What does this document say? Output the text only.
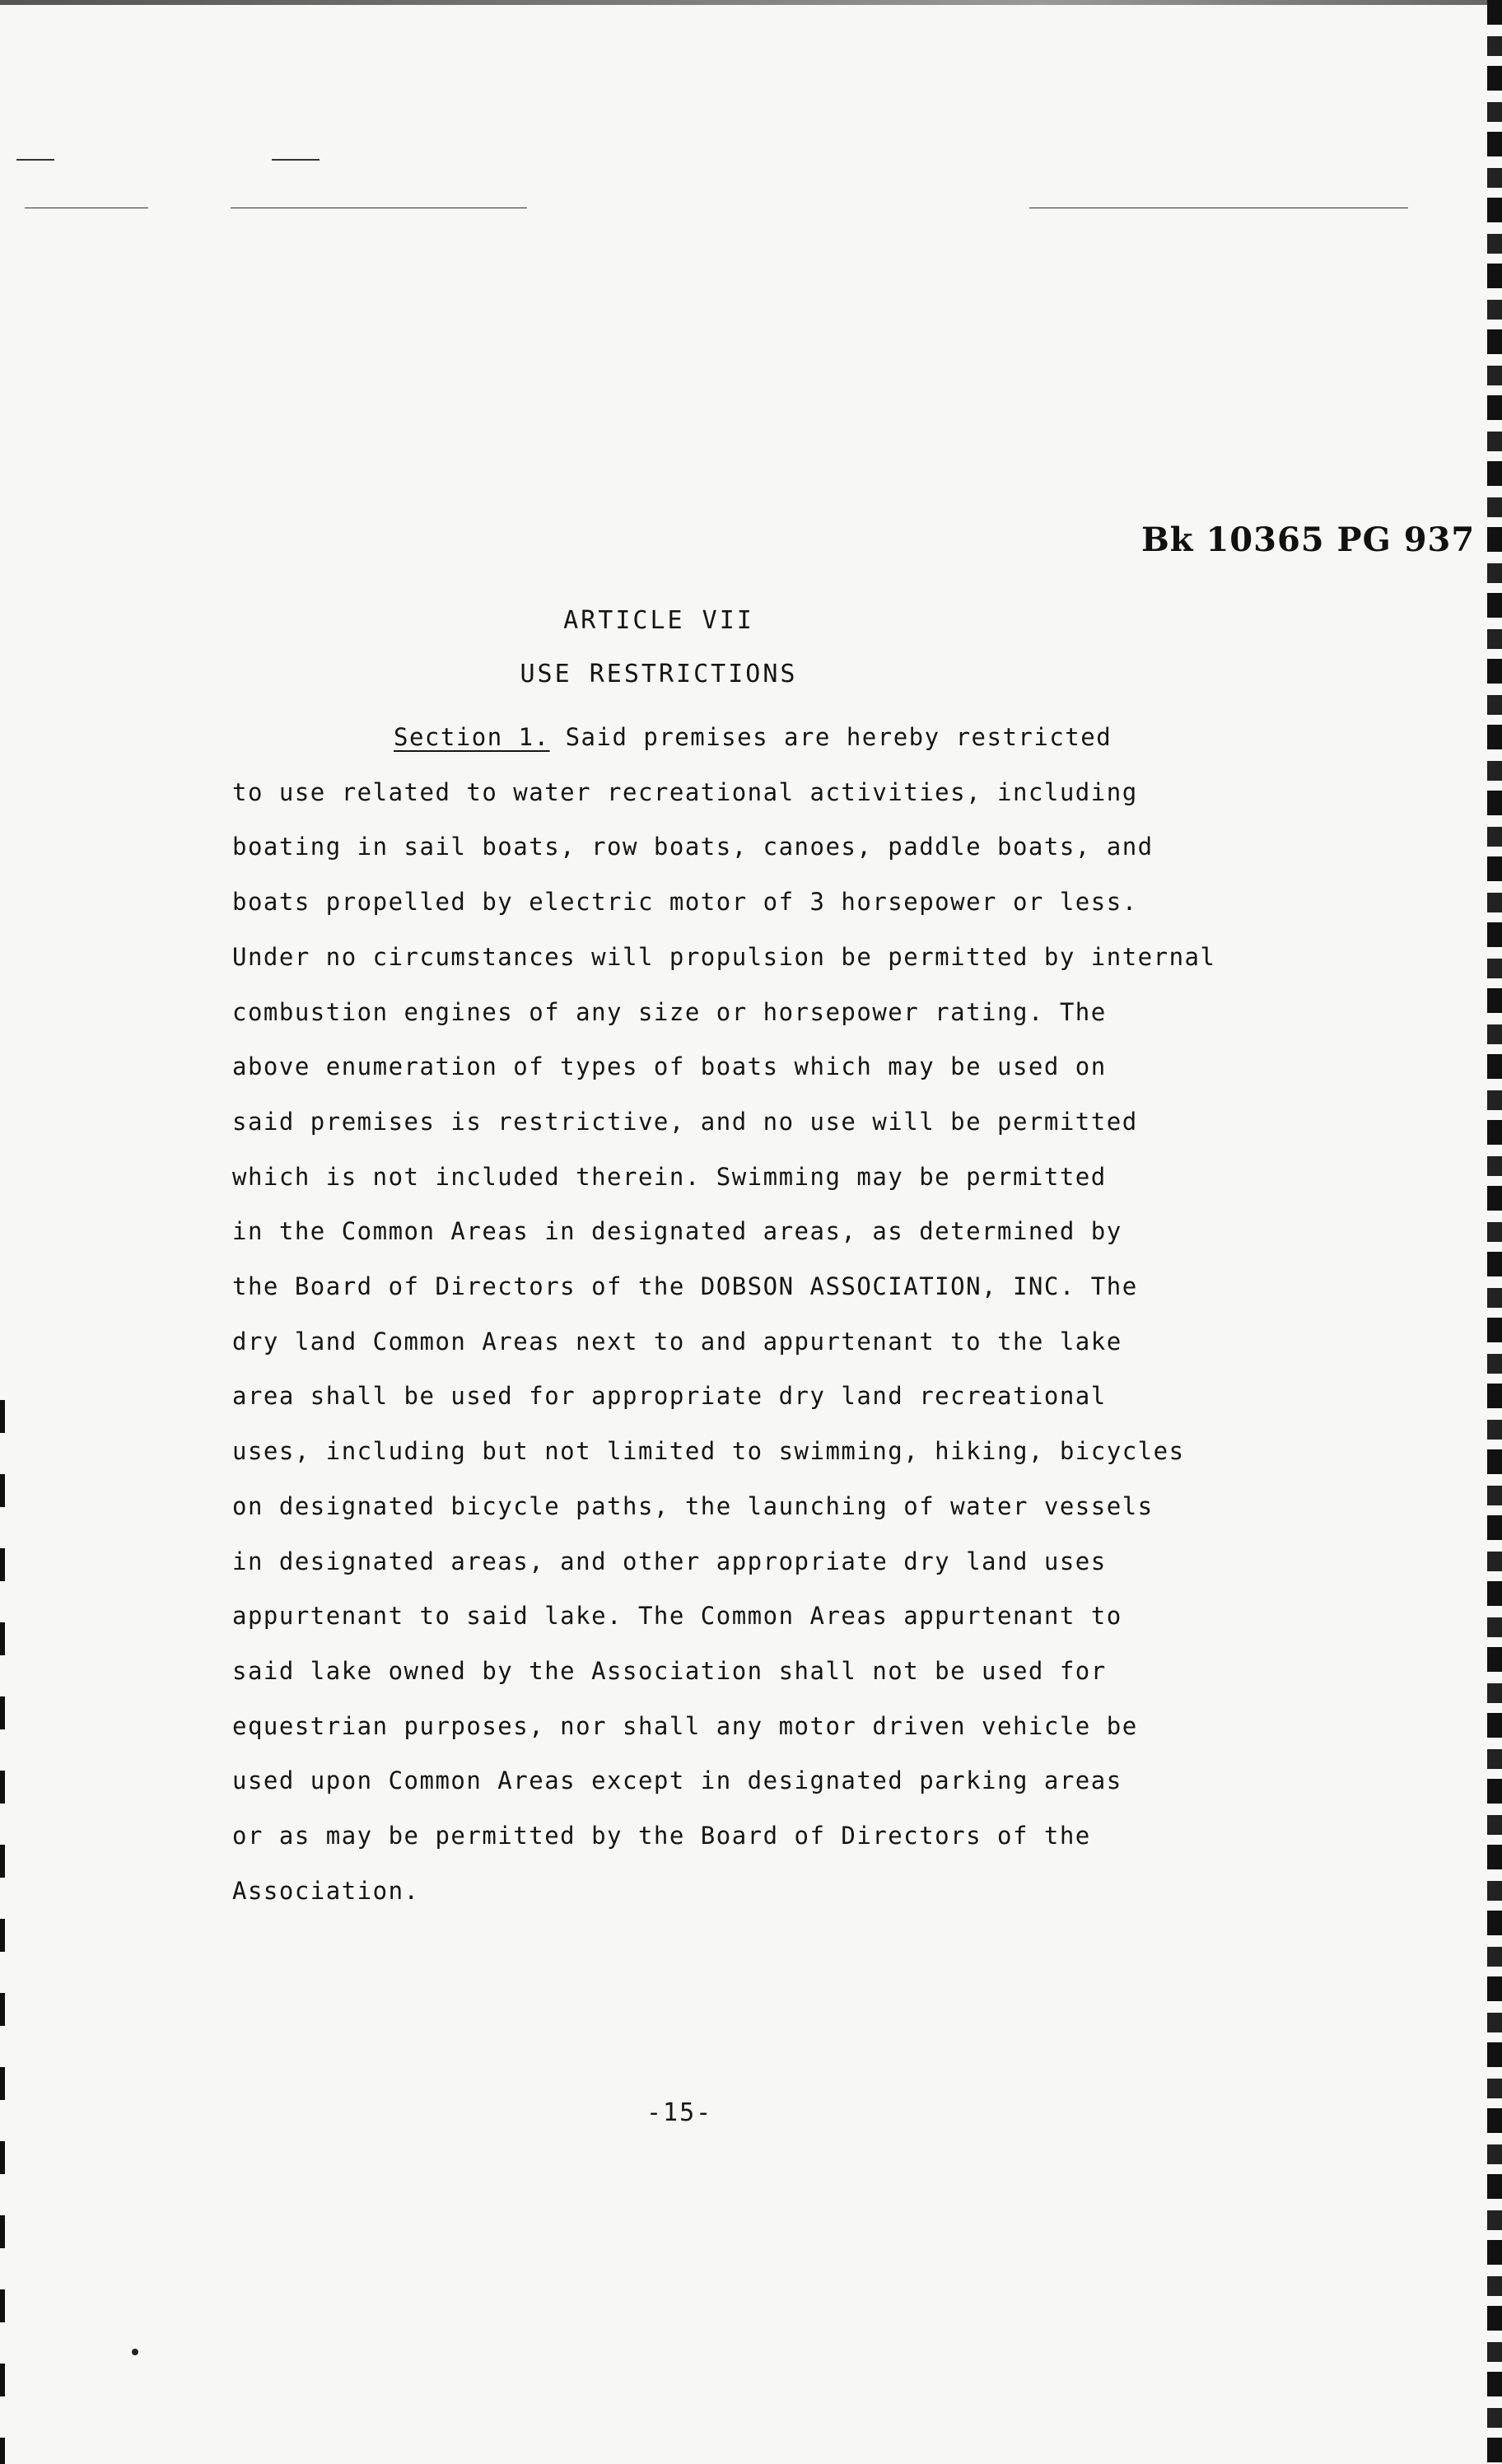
Bk 10365 PG 937
ARTICLE VII
USE RESTRICTIONS
Section 1. Said premises are hereby restricted
to use related to water recreational activities, including
boating in sail boats, row boats, canoes, paddle boats, and
boats propelled by electric motor of 3 horsepower or less.
Under no circumstances will propulsion be permitted by internal
combustion engines of any size or horsepower rating. The
above enumeration of types of boats which may be used on
said premises is restrictive, and no use will be permitted
which is not included therein. Swimming may be permitted
in the Common Areas in designated areas, as determined by
the Board of Directors of the DOBSON ASSOCIATION, INC. The
dry land Common Areas next to and appurtenant to the lake
area shall be used for appropriate dry land recreational
uses, including but not limited to swimming, hiking, bicycles
on designated bicycle paths, the launching of water vessels
in designated areas, and other appropriate dry land uses
appurtenant to said lake. The Common Areas appurtenant to
said lake owned by the Association shall not be used for
equestrian purposes, nor shall any motor driven vehicle be
used upon Common Areas except in designated parking areas
or as may be permitted by the Board of Directors of the
Association.
-15-
